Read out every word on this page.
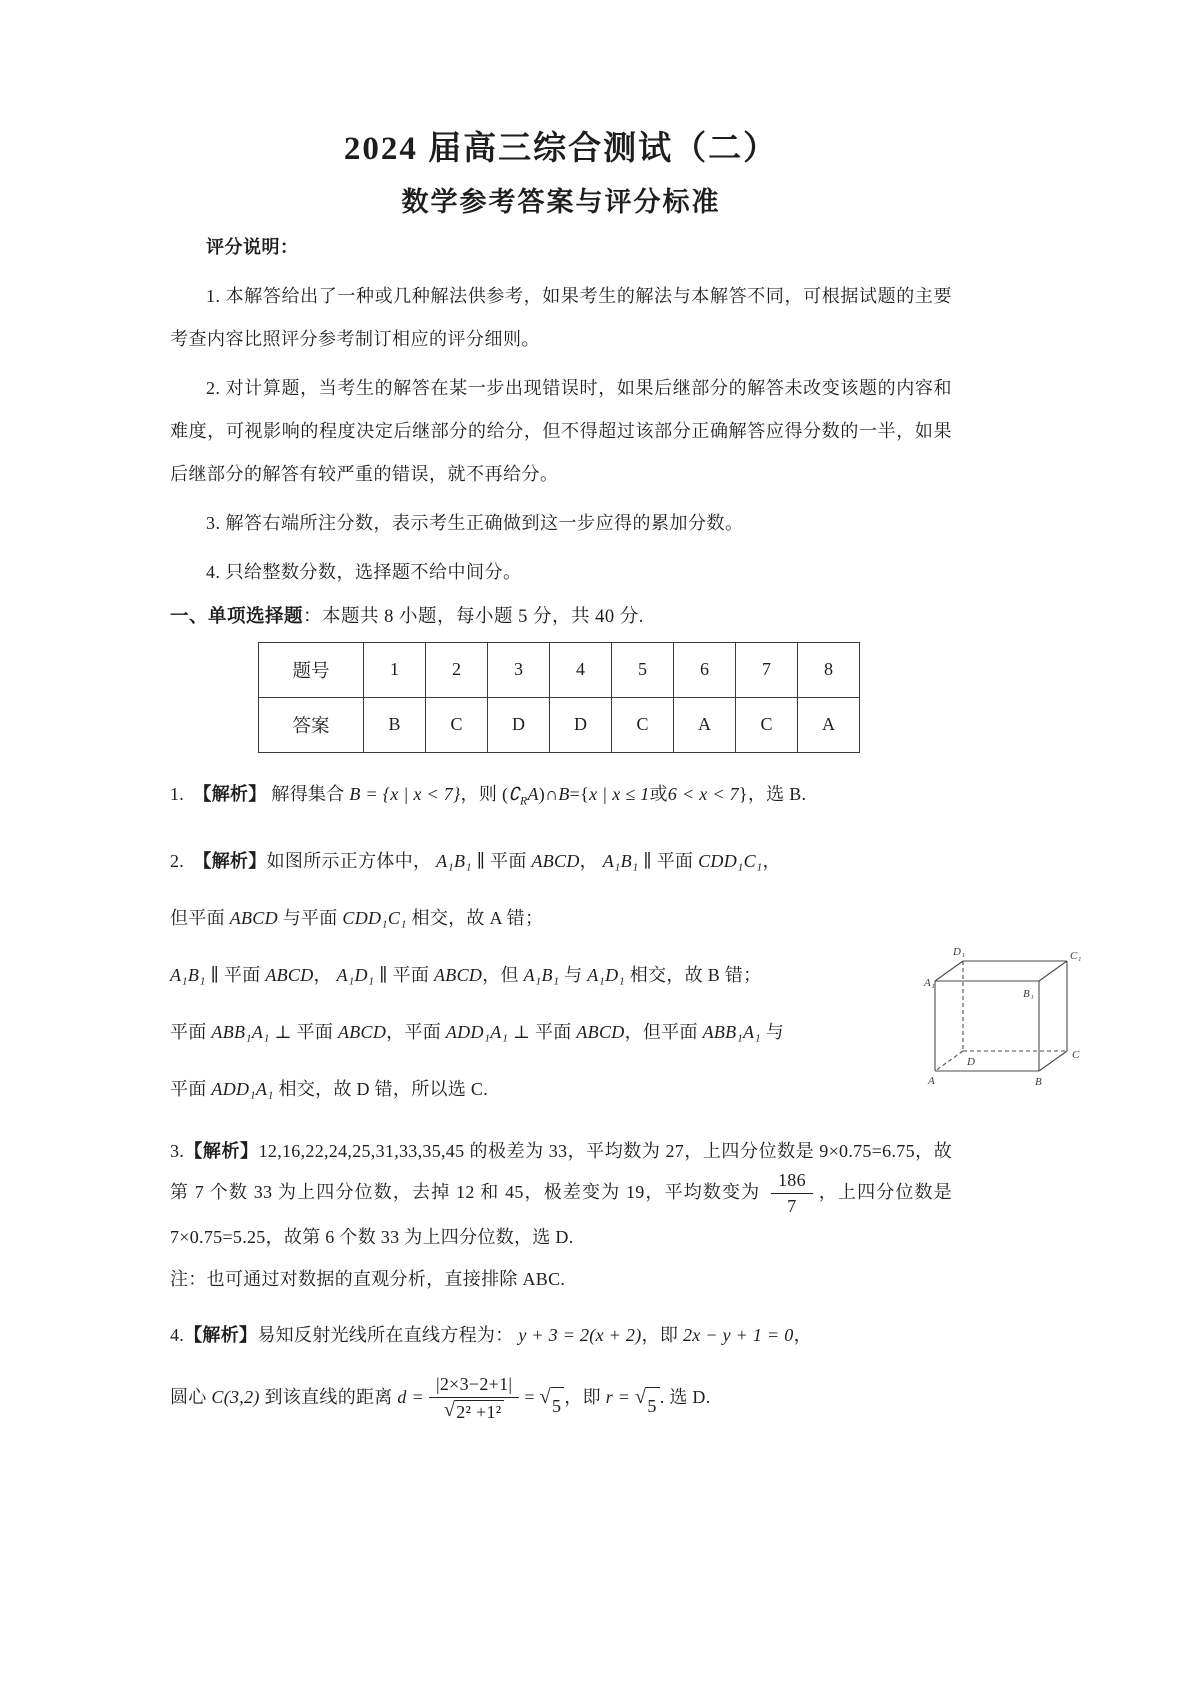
2024 届高三综合测试（二）
数学参考答案与评分标准

评分说明：

1. 本解答给出了一种或几种解法供参考，如果考生的解法与本解答不同，可根据试题的主要考查内容比照评分参考制订相应的评分细则。

2. 对计算题，当考生的解答在某一步出现错误时，如果后继部分的解答未改变该题的内容和难度，可视影响的程度决定后继部分的给分，但不得超过该部分正确解答应得分数的一半，如果后继部分的解答有较严重的错误，就不再给分。

3. 解答右端所注分数，表示考生正确做到这一步应得的累加分数。

4. 只给整数分数，选择题不给中间分。

一、单项选择题：本题共 8 小题，每小题 5 分，共 40 分.

题号	1	2	3	4	5	6	7	8
答案	B	C	D	D	C	A	C	A

1.　【解析】 解得集合 B = {x | x < 7}，则 $(∁_RA)\cap B=\{x$ | x ≤ 1或6 < x < 7}，选 B.

2.　【解析】如图所示正方体中， A₁B₁ ∥ 平面 ABCD， A₁B₁ ∥ 平面 CDD₁C₁，

但平面 ABCD 与平面 CDD₁C₁ 相交，故 A 错；

A₁B₁ ∥ 平面 ABCD， A₁D₁ ∥ 平面 ABCD，但 A₁B₁ 与 A₁D₁ 相交，故 B 错；

平面 ABB₁A₁ ⊥ 平面 ABCD，平面 ADD₁A₁ ⊥ 平面 ABCD，但平面 ABB₁A₁ 与

平面 ADD₁A₁ 相交，故 D 错，所以选 C.

A₁
B₁
C₁
D₁
A	B
C
D

3.【解析】12,16,22,24,25,31,33,35,45 的极差为 33，平均数为 27，上四分位数是 9×0.75=6.75，故第 7 个数 33 为上四分位数，去掉 12 和 45，极差变为 19，平均数变为 $\frac{186}{7}$ ，上四分位数是 7×0.75=5.25，故第 6 个数 33 为上四分位数，选 D.

注：也可通过对数据的直观分析，直接排除 ABC.

4.【解析】易知反射光线所在直线方程为： y + 3 = 2(x + 2)，即 2x − y + 1 = 0，

圆心 C(3,2) 到该直线的距离 $d = \frac{|2\times 3-2+1|}{\text{√ 2² +1²}}$ = √ 5 ，即 r = √ 5 . 选 D.
